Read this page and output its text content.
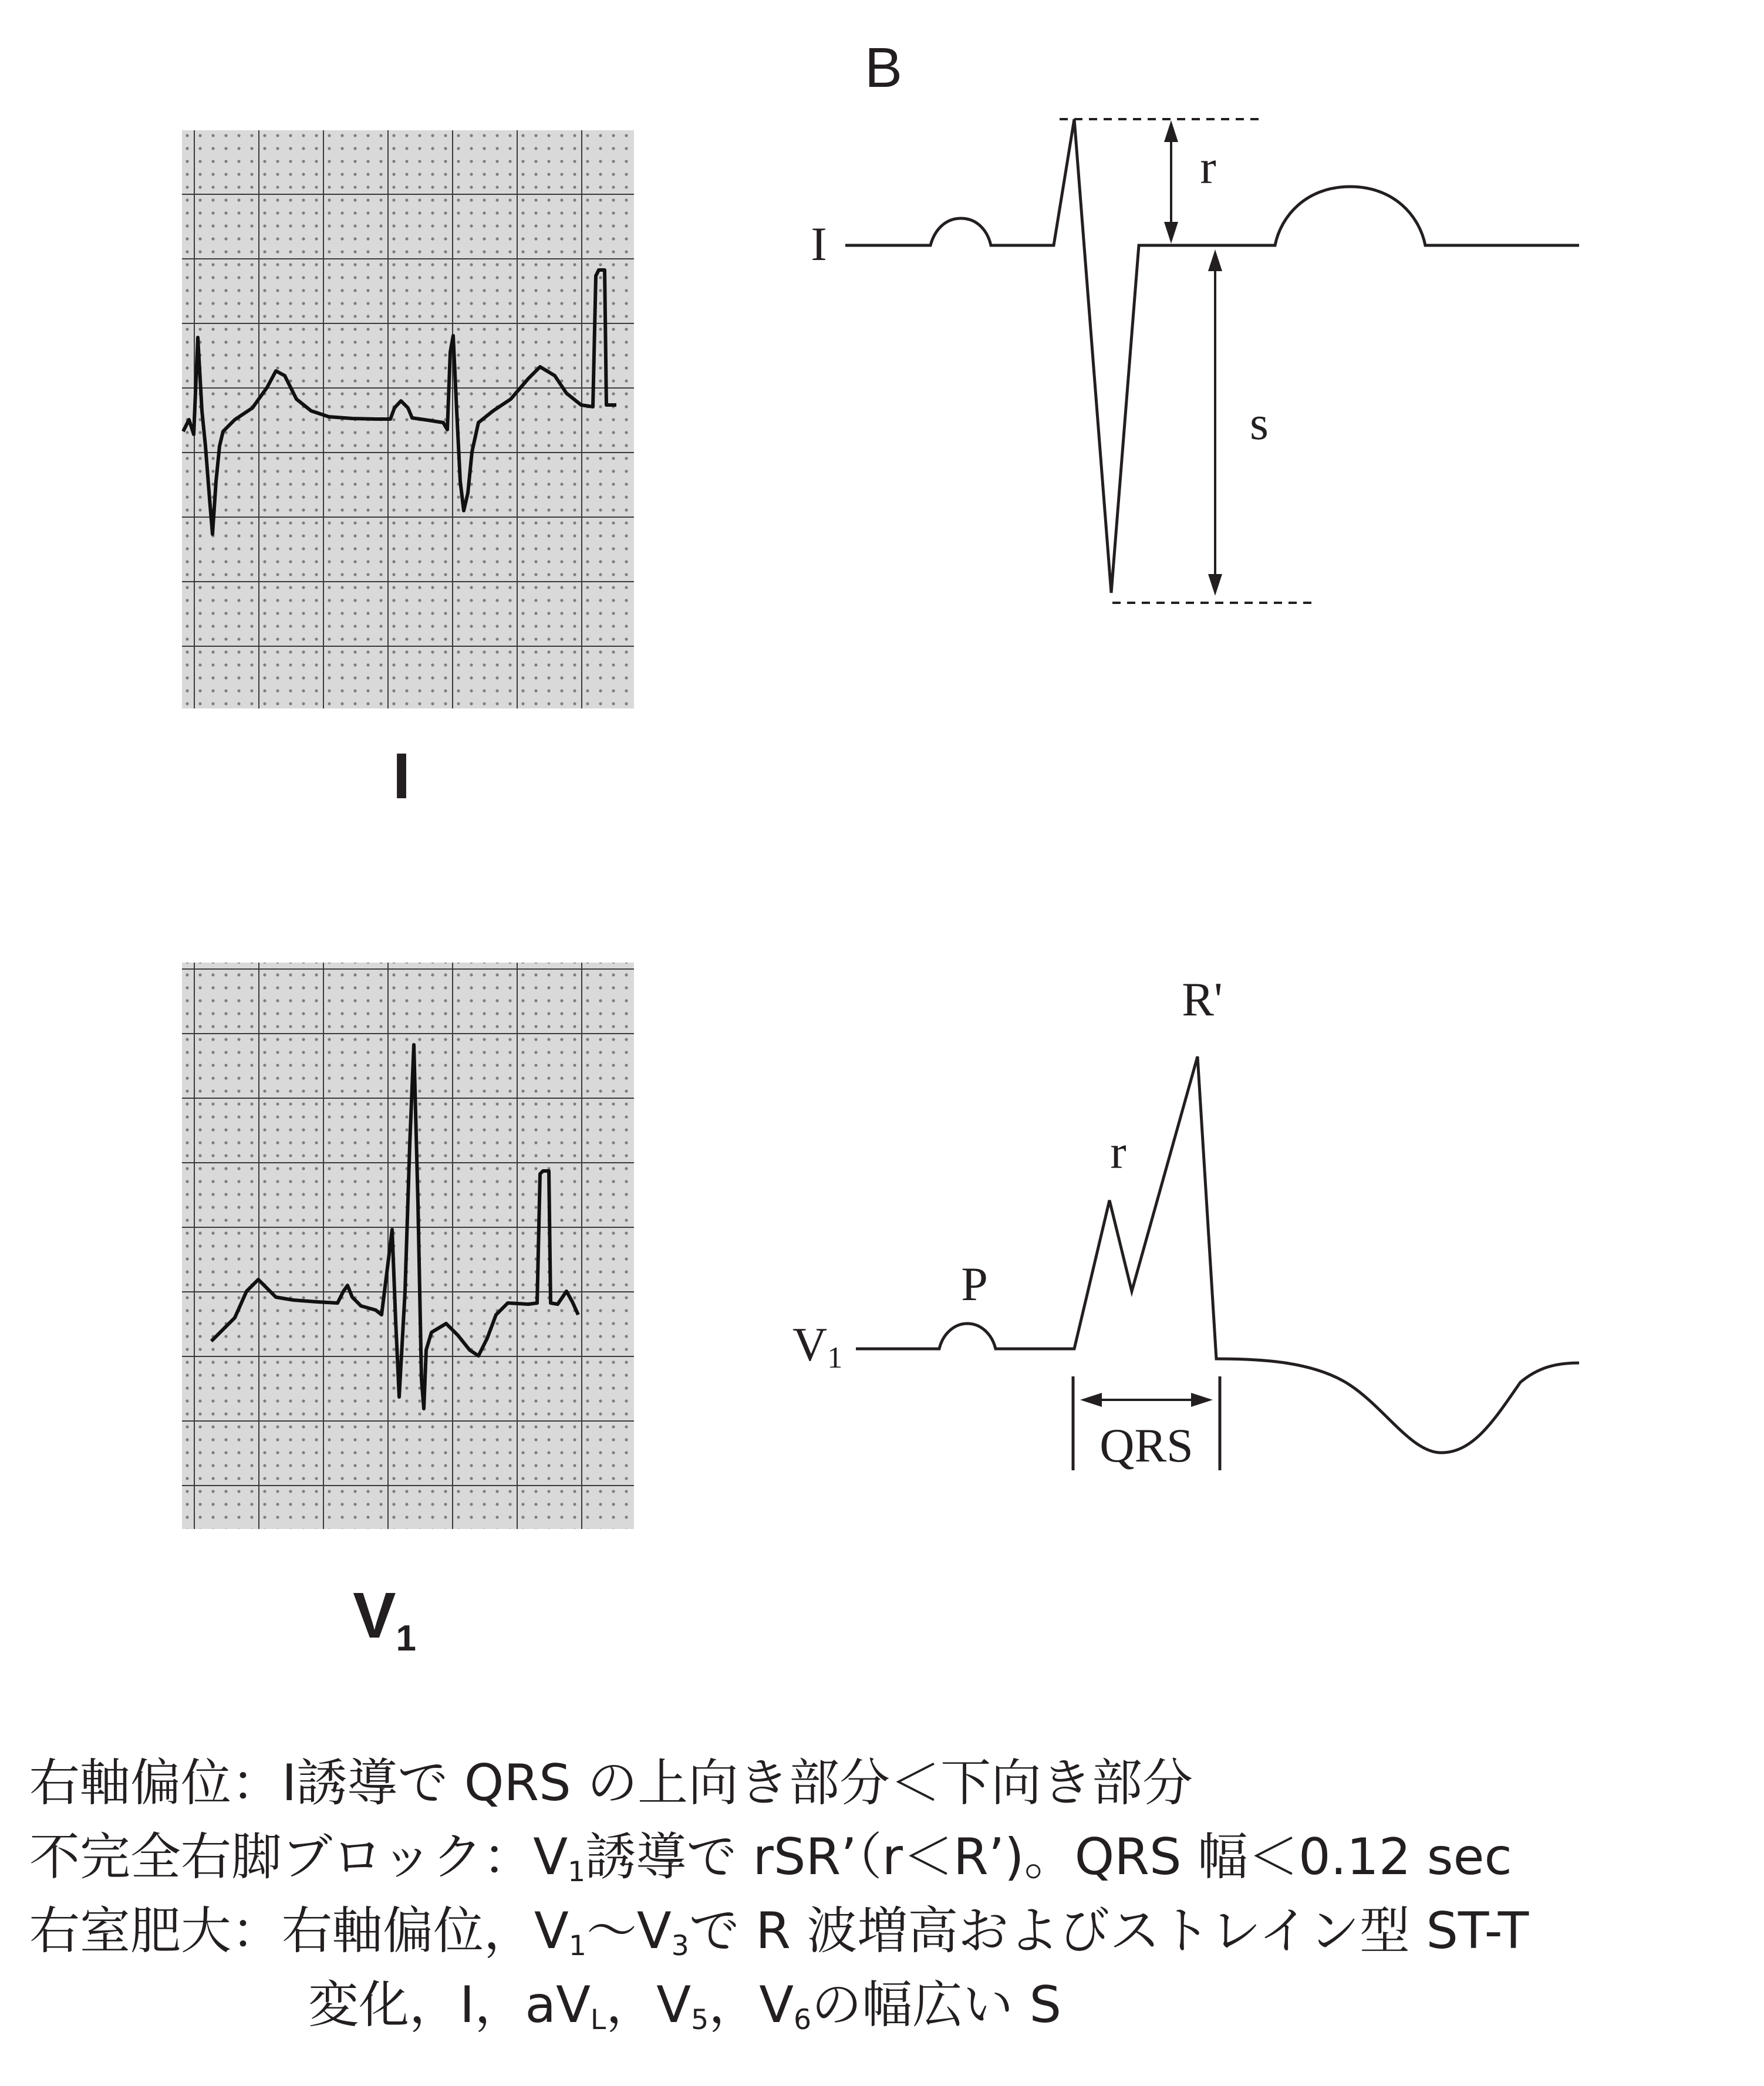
I
$V_1$
B
I
r
s
V1
P
r
R'
QRS
右軸偏位：Ⅰ誘導で QRS の上向き部分＜下向き部分
不完全右脚ブロック：$V_1$誘導で rSR’（r＜R’)。QRS 幅＜0.12 sec
右室肥大：右軸偏位，$V_1\sim V_3$で R 波増高およびストレイン型 ST-T
変化，Ⅰ，$aV_L$，$V_5$，$V_6$の幅広い S
